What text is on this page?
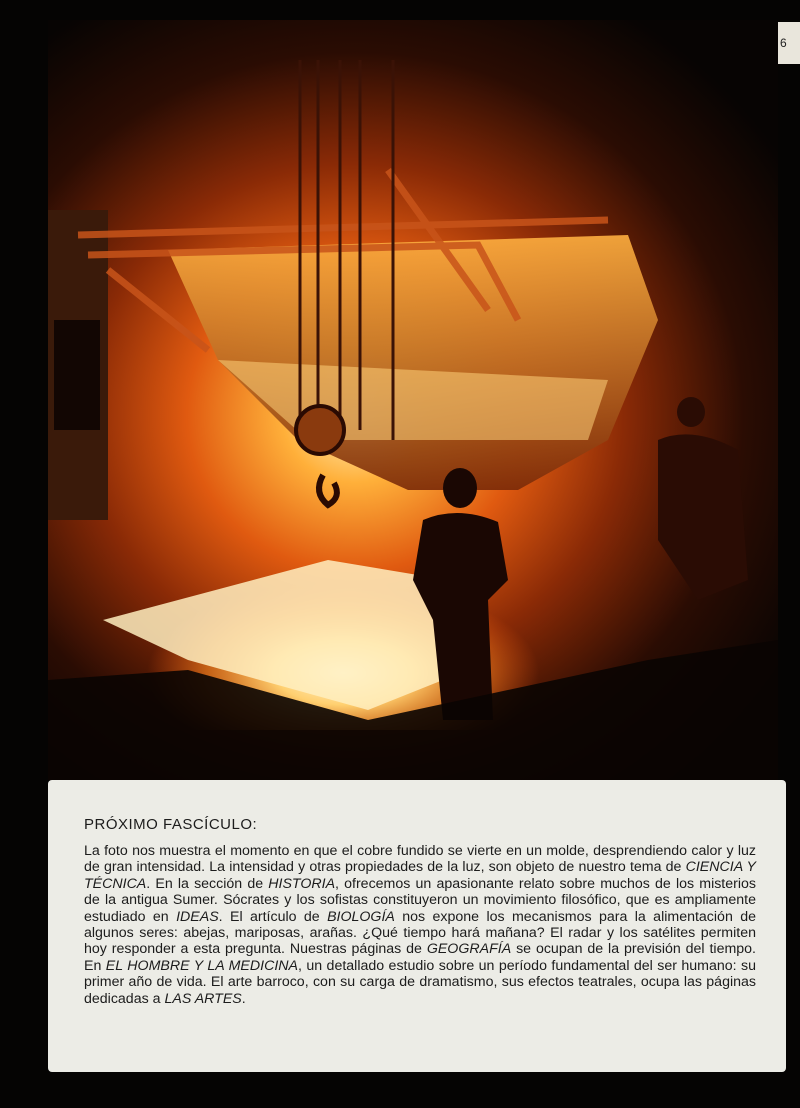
6
PRÓXIMO FASCÍCULO:

La foto nos muestra el momento en que el cobre fundido se vierte en un molde, desprendiendo calor y luz de gran intensidad. La intensidad y otras propiedades de la luz, son objeto de nuestro tema de CIENCIA Y TÉCNICA. En la sección de HISTORIA, ofrecemos un apasionante relato sobre muchos de los misterios de la antigua Sumer. Sócrates y los sofistas constituyeron un movimiento filosófico, que es ampliamente estudiado en IDEAS. El artículo de BIOLOGÍA nos expone los mecanismos para la alimentación de algunos seres: abejas, mariposas, arañas. ¿Qué tiempo hará mañana? El radar y los satélites permiten hoy responder a esta pregunta. Nuestras páginas de GEOGRAFÍA se ocupan de la previsión del tiempo. En EL HOMBRE Y LA MEDICINA, un detallado estudio sobre un período fundamental del ser humano: su primer año de vida. El arte barroco, con su carga de dramatismo, sus efectos teatrales, ocupa las páginas dedicadas a LAS ARTES.
